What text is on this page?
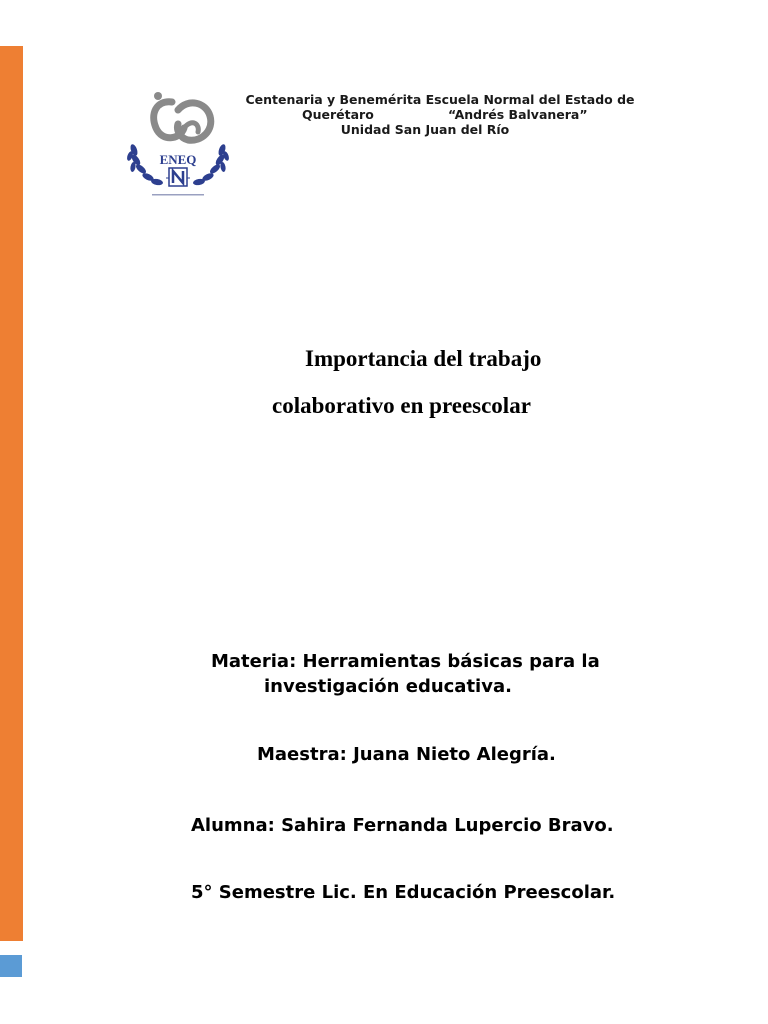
ENEQ
Centenaria y Benemérita Escuela Normal del Estado de
Querétaro	“Andrés Balvanera”
Unidad San Juan del Río
Importancia del trabajo
colaborativo en preescolar
Materia: Herramientas básicas para la
investigación educativa.
Maestra: Juana Nieto Alegría.
Alumna: Sahira Fernanda Lupercio Bravo.
5° Semestre Lic. En Educación Preescolar.
